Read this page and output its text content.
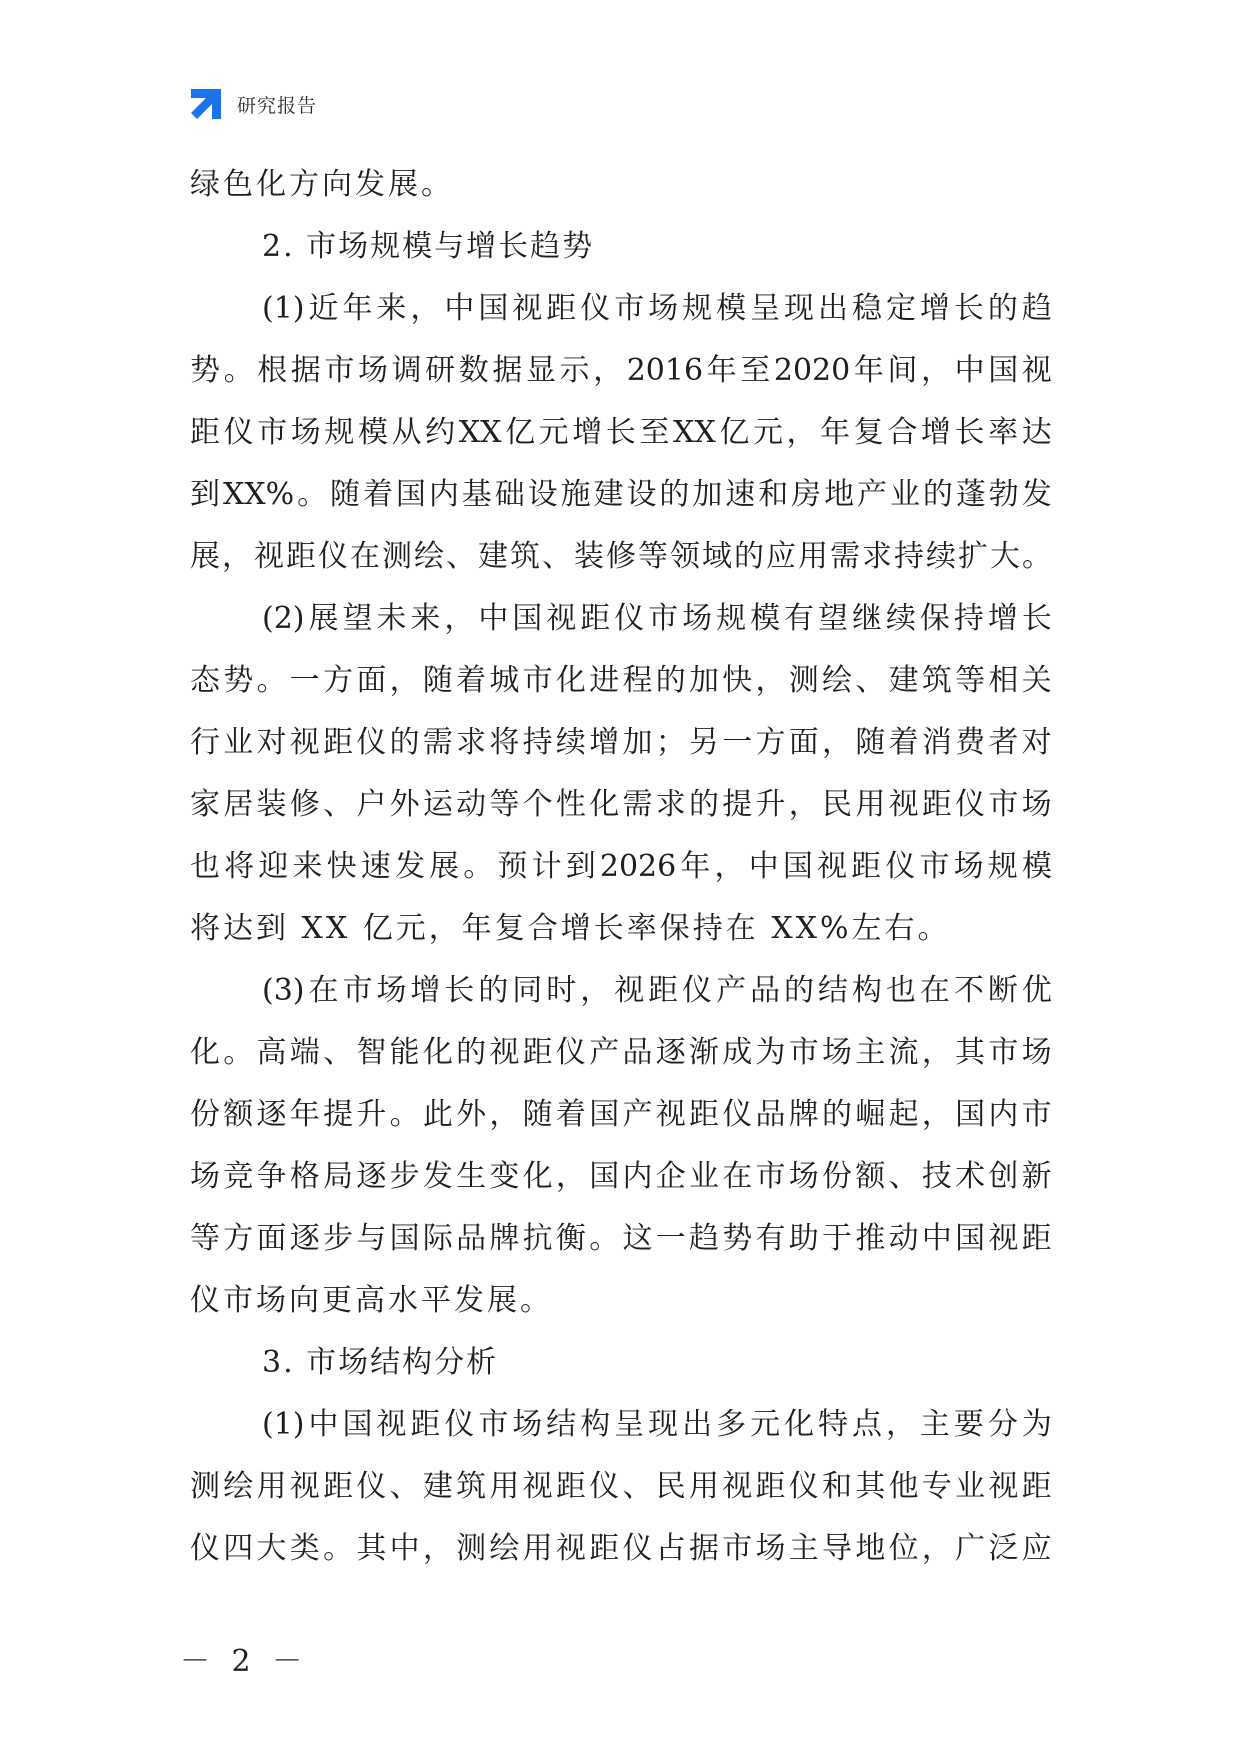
研究报告
绿色化方向发展。
2. 市场规模与增长趋势
(1) 近 年 来 ， 中 国 视 距 仪 市 场 规 模 呈 现 出 稳 定 增 长 的 趋
势 。 根 据 市 场 调 研 数 据 显 示 ， 2016 年 至 2020 年 间 ， 中 国 视
距 仪 市 场 规 模 从 约 XX 亿 元 增 长 至 XX 亿 元 ， 年 复 合 增 长 率 达
到 XX% 。 随 着 国 内 基 础 设 施 建 设 的 加 速 和 房 地 产 业 的 蓬 勃 发
展 ， 视 距 仪 在 测 绘 、 建 筑 、 装 修 等 领 域 的 应 用 需 求 持 续 扩 大 。
(2) 展 望 未 来 ， 中 国 视 距 仪 市 场 规 模 有 望 继 续 保 持 增 长
态 势 。 一 方 面 ， 随 着 城 市 化 进 程 的 加 快 ， 测 绘 、 建 筑 等 相 关
行 业 对 视 距 仪 的 需 求 将 持 续 增 加 ； 另 一 方 面 ， 随 着 消 费 者 对
家 居 装 修 、 户 外 运 动 等 个 性 化 需 求 的 提 升 ， 民 用 视 距 仪 市 场
也 将 迎 来 快 速 发 展 。 预 计 到 2026 年 ， 中 国 视 距 仪 市 场 规 模
将达到 XX 亿元，年复合增长率保持在 XX%左右。
(3) 在 市 场 增 长 的 同 时 ， 视 距 仪 产 品 的 结 构 也 在 不 断 优
化 。 高 端 、 智 能 化 的 视 距 仪 产 品 逐 渐 成 为 市 场 主 流 ， 其 市 场
份 额 逐 年 提 升 。 此 外 ， 随 着 国 产 视 距 仪 品 牌 的 崛 起 ， 国 内 市
场 竞 争 格 局 逐 步 发 生 变 化 ， 国 内 企 业 在 市 场 份 额 、 技 术 创 新
等 方 面 逐 步 与 国 际 品 牌 抗 衡 。 这 一 趋 势 有 助 于 推 动 中 国 视 距
仪市场向更高水平发展。
3. 市场结构分析
(1) 中 国 视 距 仪 市 场 结 构 呈 现 出 多 元 化 特 点 ， 主 要 分 为
测 绘 用 视 距 仪 、 建 筑 用 视 距 仪 、 民 用 视 距 仪 和 其 他 专 业 视 距
仪 四 大 类 。 其 中 ， 测 绘 用 视 距 仪 占 据 市 场 主 导 地 位 ， 广 泛 应
－ 2 －
